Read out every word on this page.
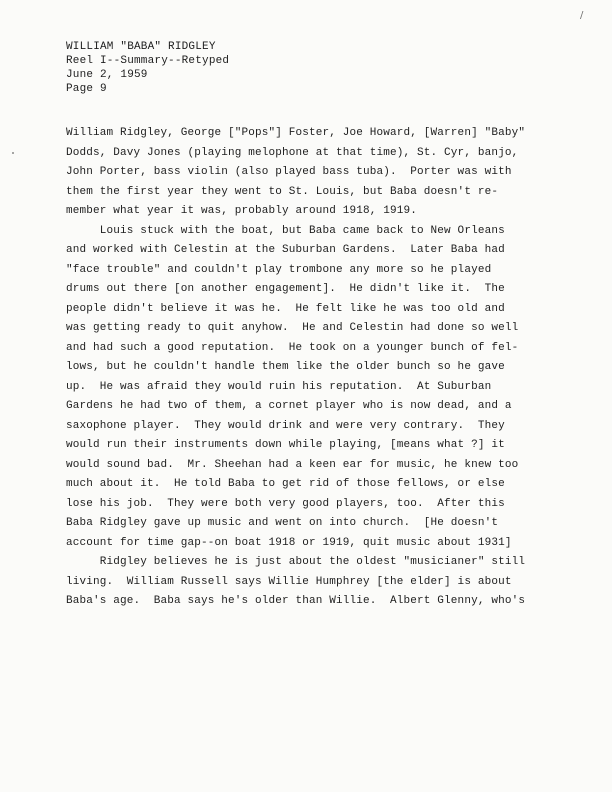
/
WILLIAM "BABA" RIDGLEY
Reel I--Summary--Retyped
June 2, 1959
Page 9
William Ridgley, George ["Pops"] Foster, Joe Howard, [Warren] "Baby"
Dodds, Davy Jones (playing melophone at that time), St. Cyr, banjo,
John Porter, bass violin (also played bass tuba).  Porter was with
them the first year they went to St. Louis, but Baba doesn't re-
member what year it was, probably around 1918, 1919.
Louis stuck with the boat, but Baba came back to New Orleans
and worked with Celestin at the Suburban Gardens.  Later Baba had
"face trouble" and couldn't play trombone any more so he played
drums out there [on another engagement].  He didn't like it.  The
people didn't believe it was he.  He felt like he was too old and
was getting ready to quit anyhow.  He and Celestin had done so well
and had such a good reputation.  He took on a younger bunch of fel-
lows, but he couldn't handle them like the older bunch so he gave
up.  He was afraid they would ruin his reputation.  At Suburban
Gardens he had two of them, a cornet player who is now dead, and a
saxophone player.  They would drink and were very contrary.  They
would run their instruments down while playing, [means what ?] it
would sound bad.  Mr. Sheehan had a keen ear for music, he knew too
much about it.  He told Baba to get rid of those fellows, or else
lose his job.  They were both very good players, too.  After this
Baba Ridgley gave up music and went on into church.  [He doesn't
account for time gap--on boat 1918 or 1919, quit music about 1931]
Ridgley believes he is just about the oldest "musicianer" still
living.  William Russell says Willie Humphrey [the elder] is about
Baba's age.  Baba says he's older than Willie.  Albert Glenny, who's
